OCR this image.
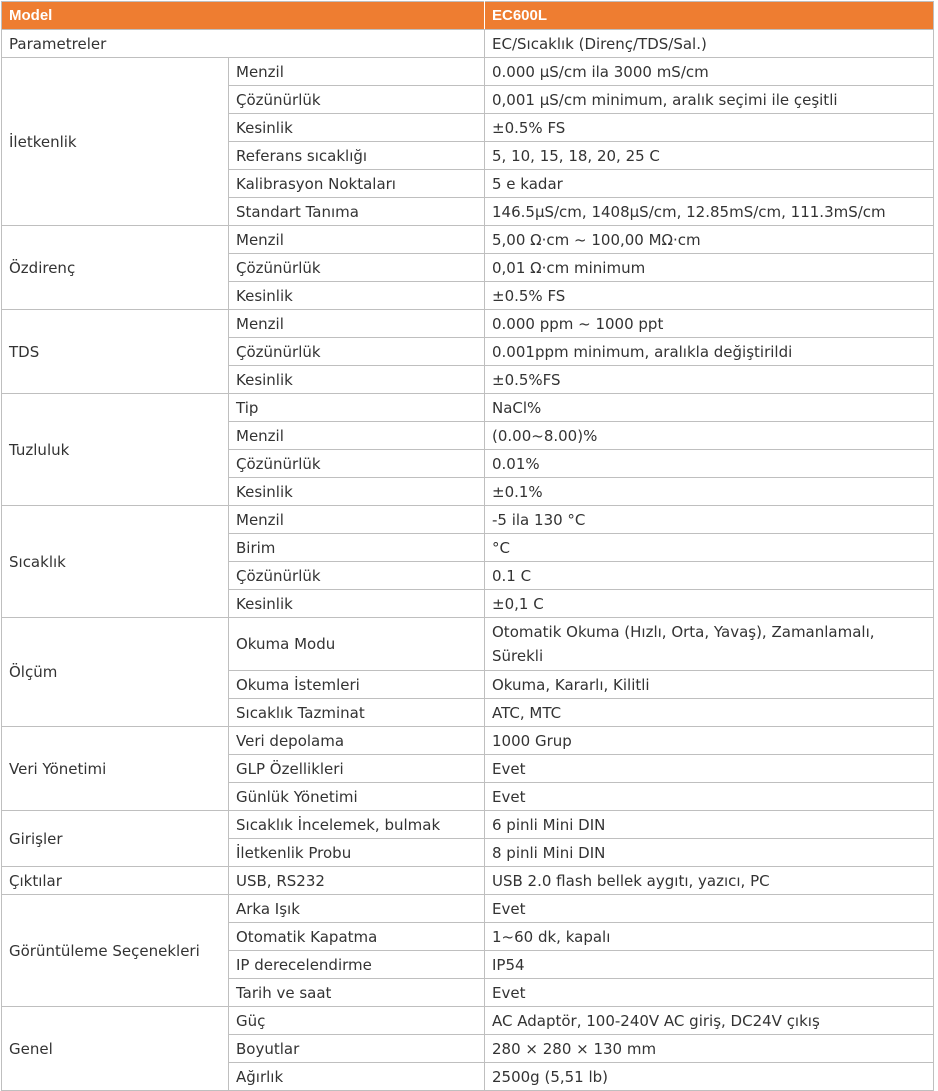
Model		EC600L
Parametreler		EC/Sıcaklık (Direnç/TDS/Sal.)
İletkenlik	Menzil	0.000 µS/cm ila 3000 mS/cm
	Çözünürlük	0,001 µS/cm minimum, aralık seçimi ile çeşitli
	Kesinlik	±0.5% FS
	Referans sıcaklığı	5, 10, 15, 18, 20, 25 C
	Kalibrasyon Noktaları	5 e kadar
	Standart Tanıma	146.5µS/cm, 1408µS/cm, 12.85mS/cm, 111.3mS/cm
Özdirenç	Menzil	5,00 Ω·cm ~ 100,00 MΩ·cm
	Çözünürlük	0,01 Ω·cm minimum
	Kesinlik	±0.5% FS
TDS	Menzil	0.000 ppm ~ 1000 ppt
	Çözünürlük	0.001ppm minimum, aralıkla değiştirildi
	Kesinlik	±0.5%FS
Tuzluluk	Tip	NaCl%
	Menzil	(0.00~8.00)%
	Çözünürlük	0.01%
	Kesinlik	±0.1%
Sıcaklık	Menzil	-5 ila 130 °C
	Birim	°C
	Çözünürlük	0.1 C
	Kesinlik	±0,1 C
Ölçüm	Okuma Modu	Otomatik Okuma (Hızlı, Orta, Yavaş), Zamanlamalı, Sürekli
	Okuma İstemleri	Okuma, Kararlı, Kilitli
	Sıcaklık Tazminat	ATC, MTC
Veri Yönetimi	Veri depolama	1000 Grup
	GLP Özellikleri	Evet
	Günlük Yönetimi	Evet
Girişler	Sıcaklık İncelemek, bulmak	6 pinli Mini DIN
	İletkenlik Probu	8 pinli Mini DIN
Çıktılar	USB, RS232	USB 2.0 flash bellek aygıtı, yazıcı, PC
Görüntüleme Seçenekleri	Arka Işık	Evet
	Otomatik Kapatma	1~60 dk, kapalı
	IP derecelendirme	IP54
	Tarih ve saat	Evet
Genel	Güç	AC Adaptör, 100-240V AC giriş, DC24V çıkış
	Boyutlar	280 × 280 × 130 mm
	Ağırlık	2500g (5,51 lb)
